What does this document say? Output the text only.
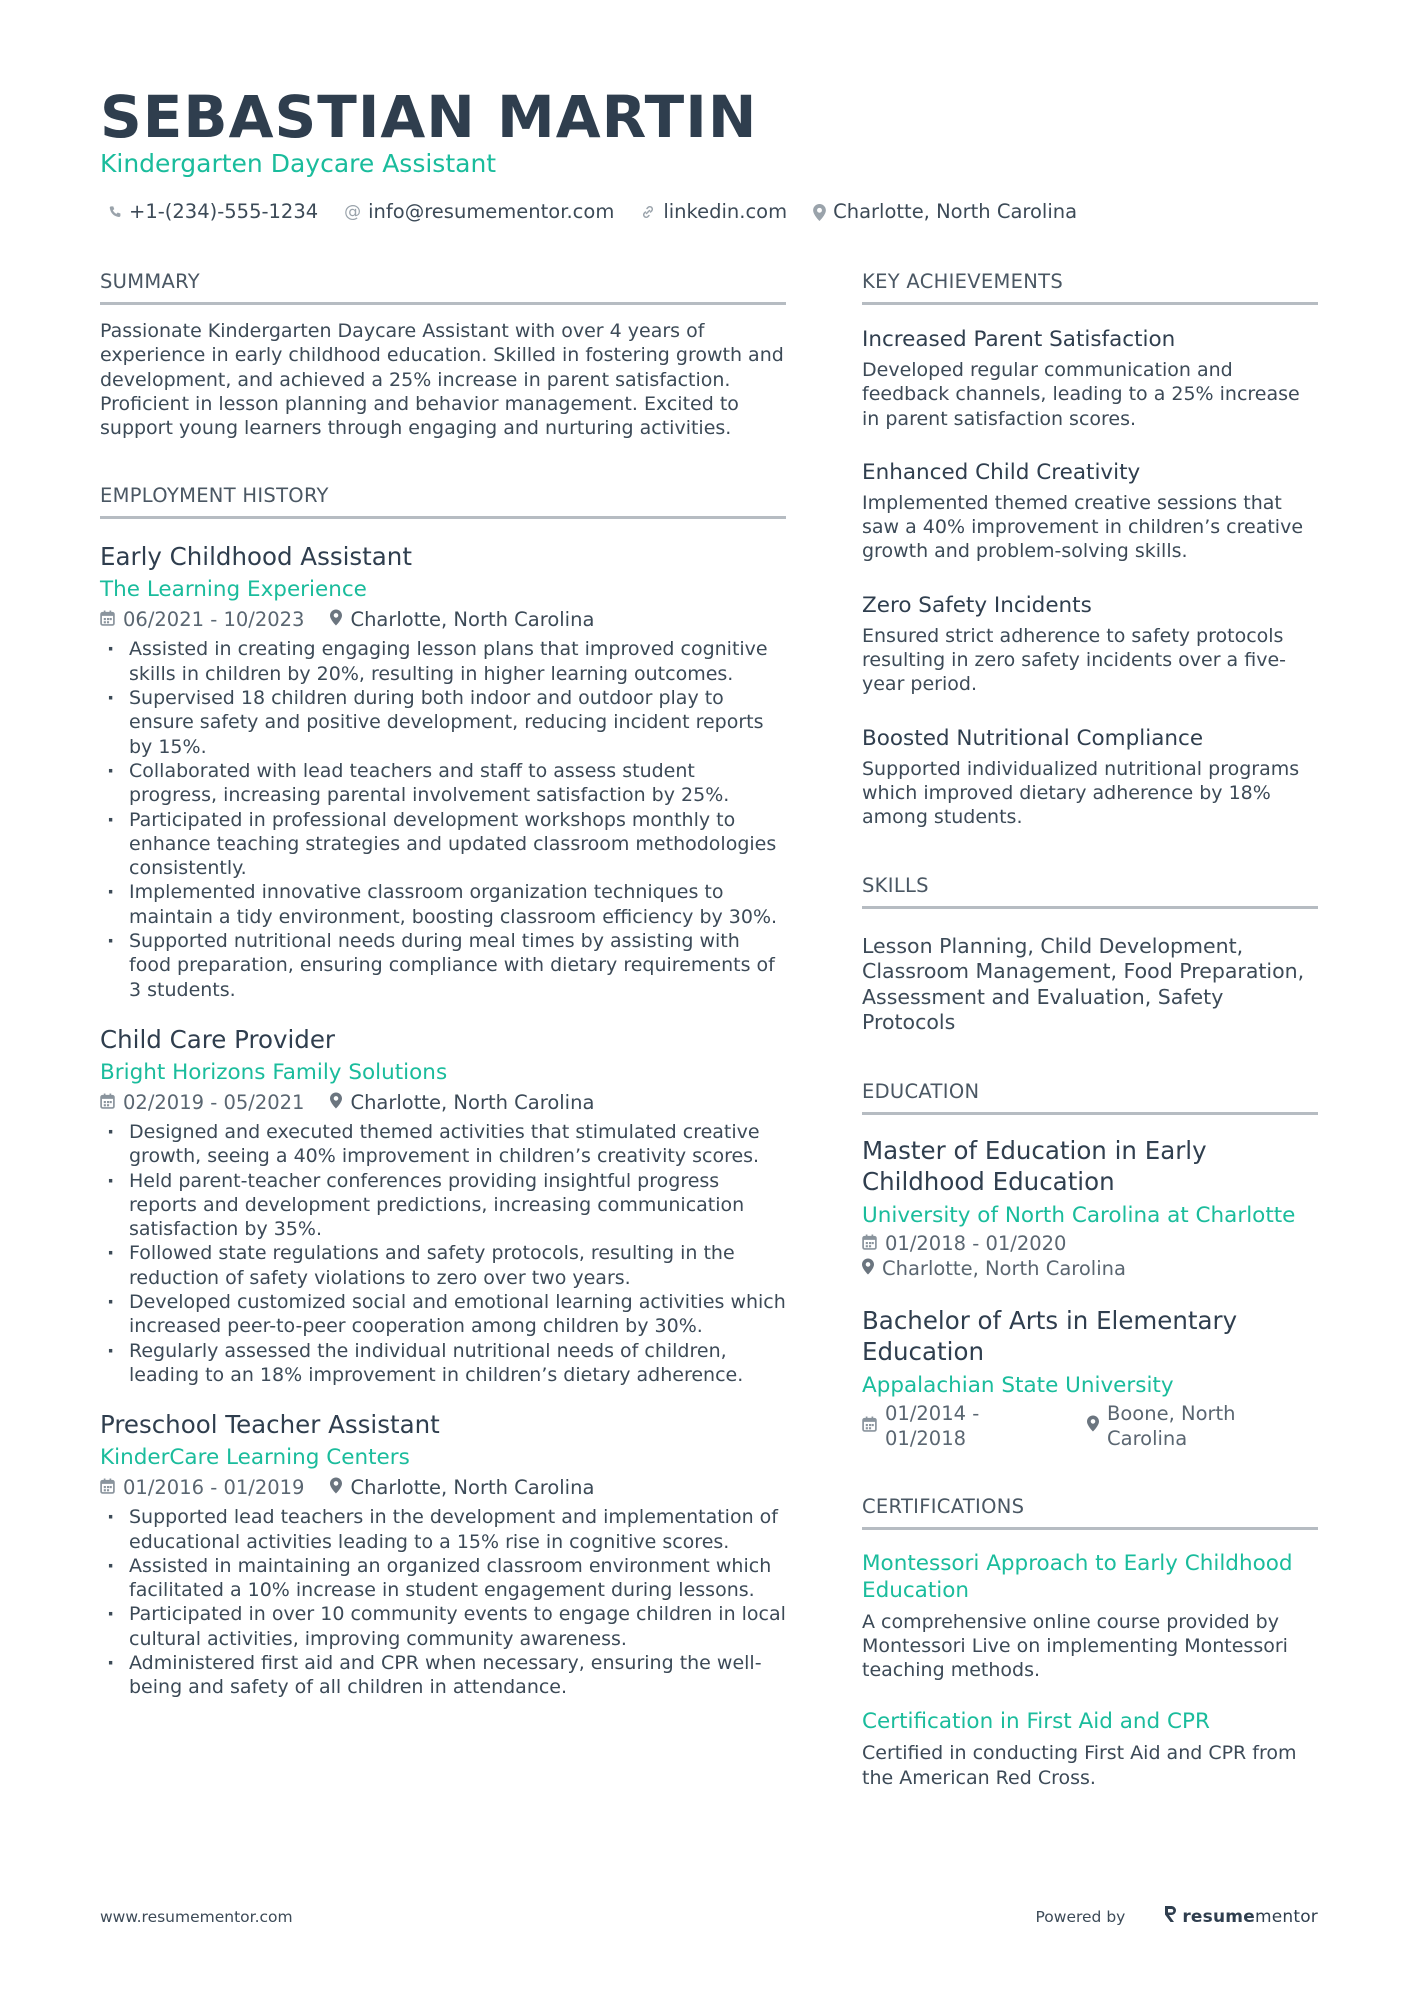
SEBASTIAN MARTIN
Kindergarten Daycare Assistant
+1-(234)-555-1234 @ info@resumementor.com	linkedin.com Charlotte, North Carolina
SUMMARY
Passionate Kindergarten Daycare Assistant with over 4 years of experience in early childhood education. Skilled in fostering growth and development, and achieved a 25% increase in parent satisfaction. Proficient in lesson planning and behavior management. Excited to support young learners through engaging and nurturing activities.
EMPLOYMENT HISTORY
Early Childhood Assistant
The Learning Experience
06/2021 - 10/2023 Charlotte, North Carolina
· Assisted in creating engaging lesson plans that improved cognitive skills in children by 20%, resulting in higher learning outcomes.
· Supervised 18 children during both indoor and outdoor play to ensure safety and positive development, reducing incident reports by 15%.
· Collaborated with lead teachers and staff to assess student progress, increasing parental involvement satisfaction by 25%.
· Participated in professional development workshops monthly to enhance teaching strategies and updated classroom methodologies consistently.
· Implemented innovative classroom organization techniques to maintain a tidy environment, boosting classroom efficiency by 30%.
· Supported nutritional needs during meal times by assisting with food preparation, ensuring compliance with dietary requirements of 3 students.
Child Care Provider
Bright Horizons Family Solutions
02/2019 - 05/2021 Charlotte, North Carolina
· Designed and executed themed activities that stimulated creative growth, seeing a 40% improvement in children’s creativity scores.
· Held parent-teacher conferences providing insightful progress reports and development predictions, increasing communication satisfaction by 35%.
· Followed state regulations and safety protocols, resulting in the reduction of safety violations to zero over two years.
· Developed customized social and emotional learning activities which increased peer-to-peer cooperation among children by 30%.
· Regularly assessed the individual nutritional needs of children, leading to an 18% improvement in children’s dietary adherence.
Preschool Teacher Assistant
KinderCare Learning Centers
01/2016 - 01/2019 Charlotte, North Carolina
· Supported lead teachers in the development and implementation of educational activities leading to a 15% rise in cognitive scores.
· Assisted in maintaining an organized classroom environment which facilitated a 10% increase in student engagement during lessons.
· Participated in over 10 community events to engage children in local cultural activities, improving community awareness.
· Administered first aid and CPR when necessary, ensuring the well-being and safety of all children in attendance.
KEY ACHIEVEMENTS
Increased Parent Satisfaction
Developed regular communication and feedback channels, leading to a 25% increase in parent satisfaction scores.
Enhanced Child Creativity
Implemented themed creative sessions that saw a 40% improvement in children’s creative growth and problem-solving skills.
Zero Safety Incidents
Ensured strict adherence to safety protocols resulting in zero safety incidents over a five-year period.
Boosted Nutritional Compliance
Supported individualized nutritional programs which improved dietary adherence by 18% among students.
SKILLS
Lesson Planning, Child Development, Classroom Management, Food Preparation, Assessment and Evaluation, Safety Protocols
EDUCATION
Master of Education in Early Childhood Education
University of North Carolina at Charlotte
01/2018 - 01/2020
Charlotte, North Carolina
Bachelor of Arts in Elementary Education
Appalachian State University
01/2014 - 01/2018
Boone, North Carolina
CERTIFICATIONS
Montessori Approach to Early Childhood Education
A comprehensive online course provided by Montessori Live on implementing Montessori teaching methods.
Certification in First Aid and CPR
Certified in conducting First Aid and CPR from the American Red Cross.
www.resumementor.com	Powered by	resume mentor
